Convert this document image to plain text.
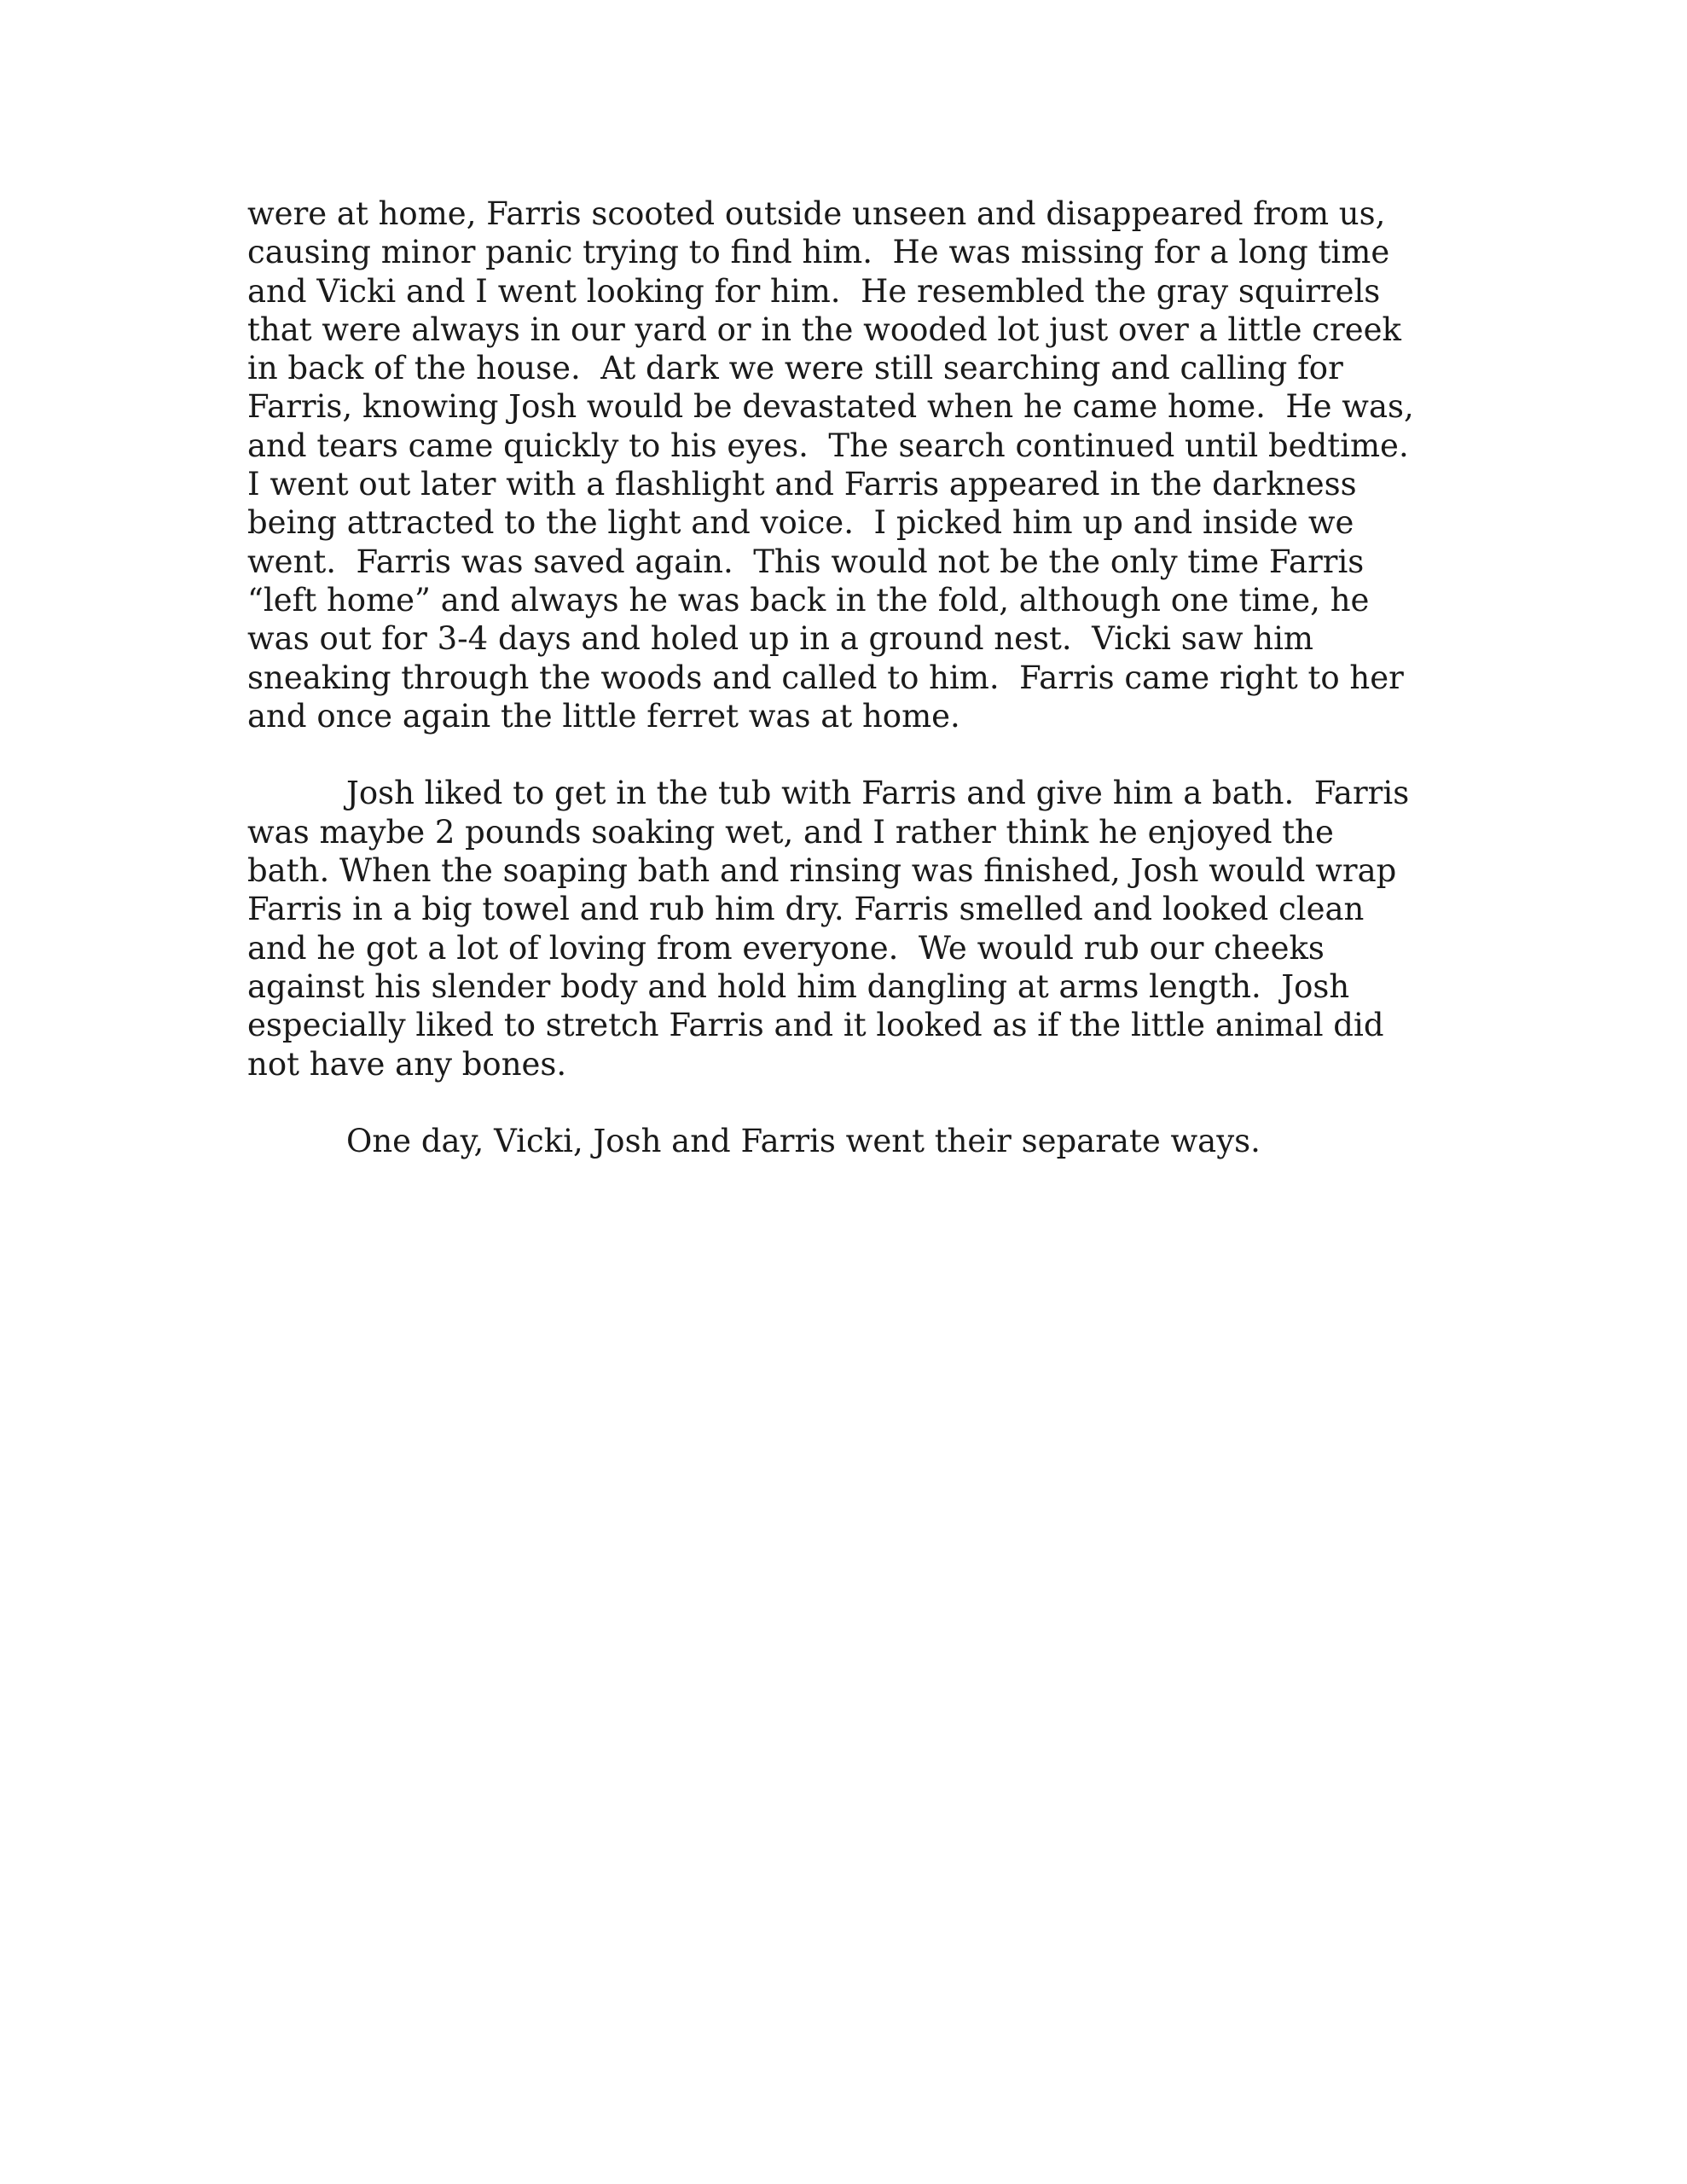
were at home, Farris scooted outside unseen and disappeared from us,
causing minor panic trying to find him.  He was missing for a long time
and Vicki and I went looking for him.  He resembled the gray squirrels
that were always in our yard or in the wooded lot just over a little creek
in back of the house.  At dark we were still searching and calling for
Farris, knowing Josh would be devastated when he came home.  He was,
and tears came quickly to his eyes.  The search continued until bedtime.
I went out later with a flashlight and Farris appeared in the darkness
being attracted to the light and voice.  I picked him up and inside we
went.  Farris was saved again.  This would not be the only time Farris
“left home” and always he was back in the fold, although one time, he
was out for 3-4 days and holed up in a ground nest.  Vicki saw him
sneaking through the woods and called to him.  Farris came right to her
and once again the little ferret was at home.
Josh liked to get in the tub with Farris and give him a bath.  Farris
was maybe 2 pounds soaking wet, and I rather think he enjoyed the
bath. When the soaping bath and rinsing was finished, Josh would wrap
Farris in a big towel and rub him dry. Farris smelled and looked clean
and he got a lot of loving from everyone.  We would rub our cheeks
against his slender body and hold him dangling at arms length.  Josh
especially liked to stretch Farris and it looked as if the little animal did
not have any bones.
One day, Vicki, Josh and Farris went their separate ways.
